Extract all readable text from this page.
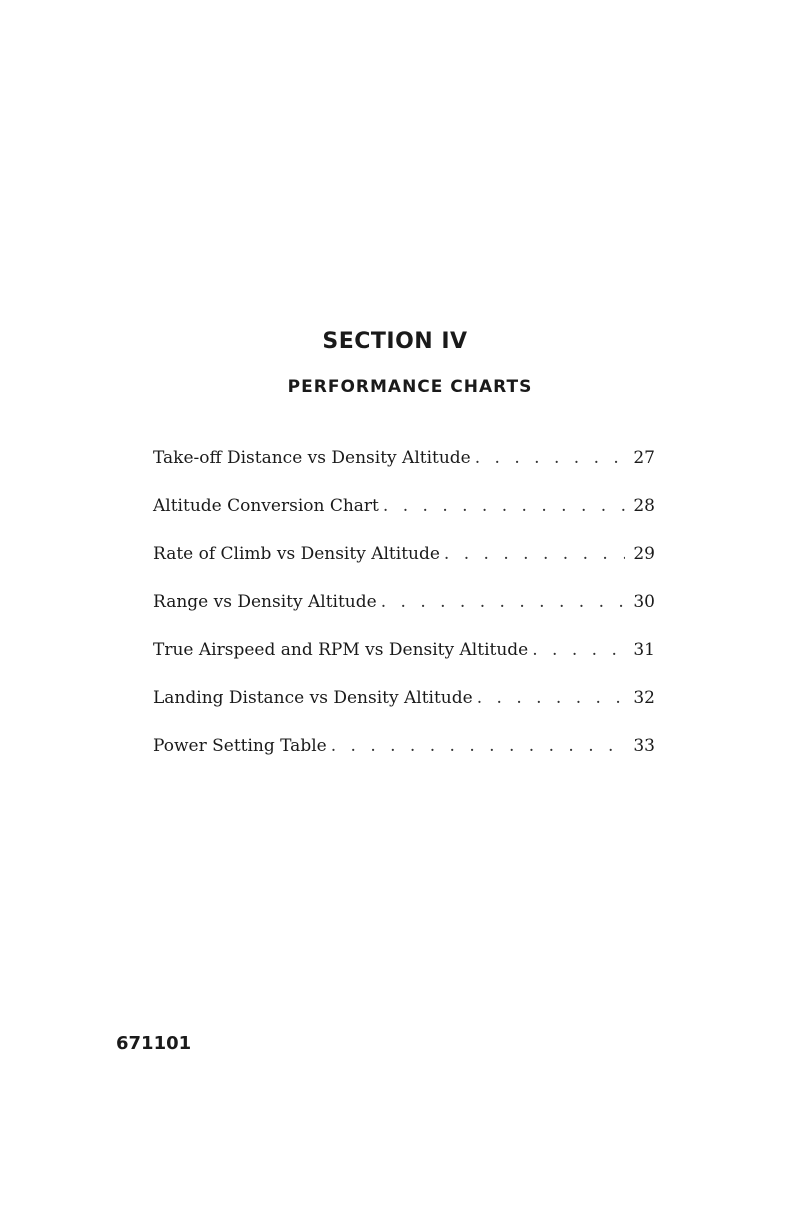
SECTION IV
PERFORMANCE CHARTS
Take-off Distance vs Density Altitude . . .	27
Altitude Conversion Chart . . .	28
Rate of Climb vs Density Altitude . . .	29
Range vs Density Altitude . . .	30
True Airspeed and RPM vs Density Altitude . . .	31
Landing Distance vs Density Altitude . . .	32
Power Setting Table . . .	33
671101
